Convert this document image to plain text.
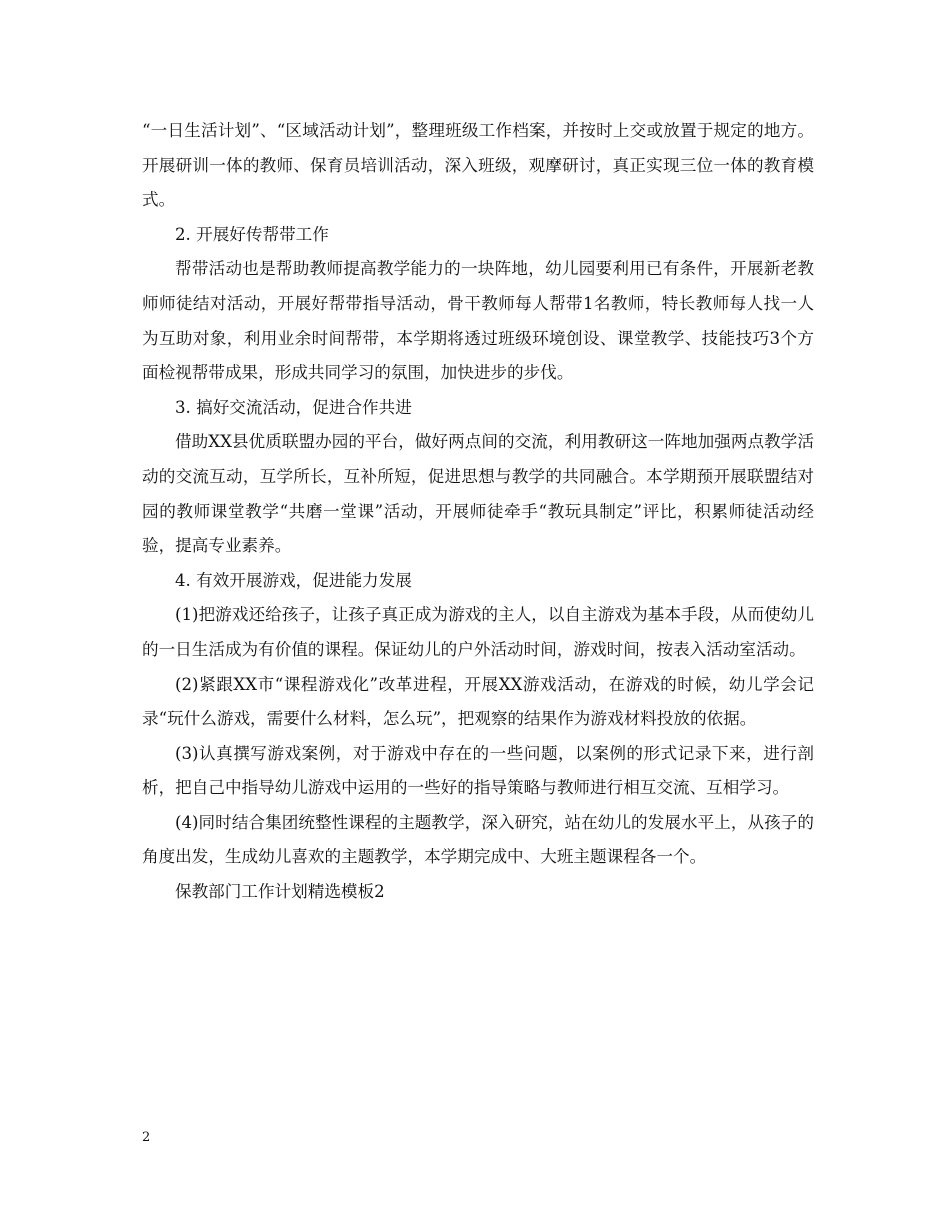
“一日生活计划”、“区域活动计划”，整理班级工作档案，并按时上交或放置于规定的地方。开展研训一体的教师、保育员培训活动，深入班级，观摩研讨，真正实现三位一体的教育模式。

2. 开展好传帮带工作

帮带活动也是帮助教师提高教学能力的一块阵地，幼儿园要利用已有条件，开展新老教师师徒结对活动，开展好帮带指导活动，骨干教师每人帮带1名教师，特长教师每人找一人为互助对象，利用业余时间帮带，本学期将透过班级环境创设、课堂教学、技能技巧3个方面检视帮带成果，形成共同学习的氛围，加快进步的步伐。

3. 搞好交流活动，促进合作共进

借助XX县优质联盟办园的平台，做好两点间的交流，利用教研这一阵地加强两点教学活动的交流互动，互学所长，互补所短，促进思想与教学的共同融合。本学期预开展联盟结对园的教师课堂教学“共磨一堂课”活动，开展师徒牵手“教玩具制定”评比，积累师徒活动经验，提高专业素养。

4. 有效开展游戏，促进能力发展

(1)把游戏还给孩子，让孩子真正成为游戏的主人，以自主游戏为基本手段，从而使幼儿的一日生活成为有价值的课程。保证幼儿的户外活动时间，游戏时间，按表入活动室活动。

(2)紧跟XX市“课程游戏化”改革进程，开展XX游戏活动，在游戏的时候，幼儿学会记录“玩什么游戏，需要什么材料，怎么玩”，把观察的结果作为游戏材料投放的依据。

(3)认真撰写游戏案例，对于游戏中存在的一些问题，以案例的形式记录下来，进行剖析，把自己中指导幼儿游戏中运用的一些好的指导策略与教师进行相互交流、互相学习。

(4)同时结合集团统整性课程的主题教学，深入研究，站在幼儿的发展水平上，从孩子的角度出发，生成幼儿喜欢的主题教学，本学期完成中、大班主题课程各一个。

保教部门工作计划精选模板2

2
